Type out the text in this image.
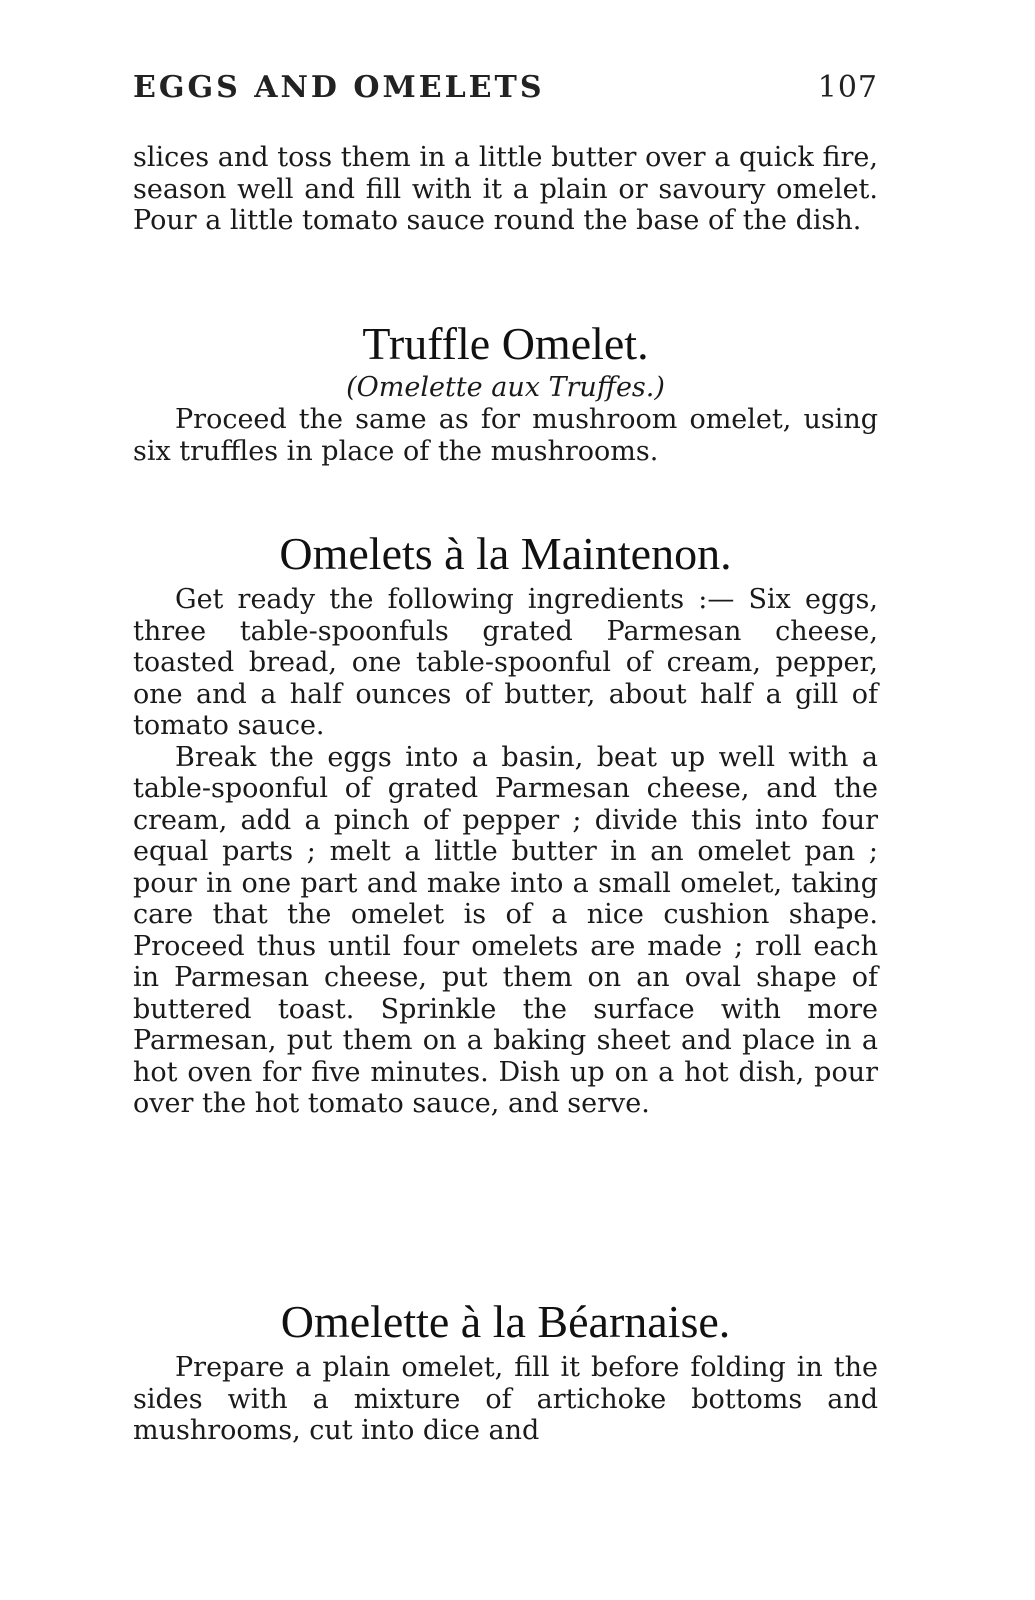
EGGS AND OMELETS	107

slices and toss them in a little butter over a quick fire, season well and fill with it a plain or savoury omelet. Pour a little tomato sauce round the base of the dish.

Truffle Omelet.
(Omelette aux Truffes.)

Proceed the same as for mushroom omelet, using six truffles in place of the mushrooms.

Omelets à la Maintenon.

Get ready the following ingredients :— Six eggs, three table-spoonfuls grated Parmesan cheese, toasted bread, one table-spoonful of cream, pepper, one and a half ounces of butter, about half a gill of tomato sauce.

Break the eggs into a basin, beat up well with a table-spoonful of grated Parmesan cheese, and the cream, add a pinch of pepper ; divide this into four equal parts ; melt a little butter in an omelet pan ; pour in one part and make into a small omelet, taking care that the omelet is of a nice cushion shape. Proceed thus until four omelets are made ; roll each in Parmesan cheese, put them on an oval shape of buttered toast. Sprinkle the surface with more Parmesan, put them on a baking sheet and place in a hot oven for five minutes. Dish up on a hot dish, pour over the hot tomato sauce, and serve.

Omelette à la Béarnaise.

Prepare a plain omelet, fill it before folding in the sides with a mixture of artichoke bottoms and mushrooms, cut into dice and
